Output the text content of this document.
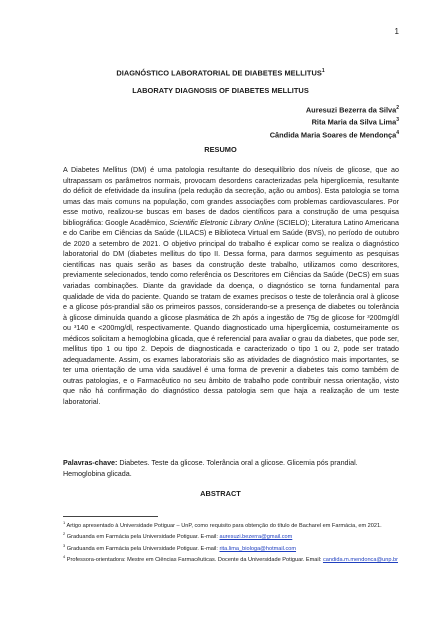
1
DIAGNÓSTICO LABORATORIAL DE DIABETES MELLITUS$^1$
LABORATY DIAGNOSIS OF DIABETES MELLITUS
Auresuzi Bezerra da Silva$^2$
Rita Maria da Silva Lima$^3$
Cândida Maria Soares de Mendonça$^4$
RESUMO

A Diabetes Mellitus (DM) é uma patologia resultante do desequilíbrio dos níveis de glicose, que ao ultrapassam os parâmetros normais, provocam desordens caracterizadas pela hiperglicemia, resultante do déficit de efetividade da insulina (pela redução da secreção, ação ou ambos). Esta patologia se torna umas das mais comuns na população, com grandes associações com problemas cardiovasculares. Por esse motivo, realizou-se buscas em bases de dados científicos para a construção de uma pesquisa bibliográfica: Google Acadêmico, Scientific Eletronic Library Online (SCIELO); Literatura Latino Americana e do Caribe em Ciências da Saúde (LILACS) e Biblioteca Virtual em Saúde (BVS), no período de outubro de 2020 a setembro de 2021. O objetivo principal do trabalho é explicar como se realiza o diagnóstico laboratorial do DM (diabetes mellitus do tipo II. Dessa forma, para darmos seguimento as pesquisas científicas nas quais serão as bases da construção deste trabalho, utilizamos como descritores, previamente selecionados, tendo como referência os Descritores em Ciências da Saúde (DeCS) em suas variadas combinações. Diante da gravidade da doença, o diagnóstico se torna fundamental para qualidade de vida do paciente. Quando se tratam de exames precisos o teste de tolerância oral à glicose e a glicose pós-prandial são os primeiros passos, considerando-se a presença de diabetes ou tolerância à glicose diminuída quando a glicose plasmática de 2h após a ingestão de 75g de glicose for ³200mg/dl ou ³140 e <200mg/dl, respectivamente. Quando diagnosticado uma hiperglicemia, costumeiramente os médicos solicitam a hemoglobina glicada, que é referencial para avaliar o grau da diabetes, que pode ser, mellitus tipo 1 ou tipo 2. Depois de diagnosticada e caracterizado o tipo 1 ou 2, pode ser tratado adequadamente. Assim, os exames laboratoriais são as atividades de diagnóstico mais importantes, se ter uma orientação de uma vida saudável é uma forma de prevenir a diabetes tais como também de outras patologias, e o Farmacêutico no seu âmbito de trabalho pode contribuir nessa orientação, visto que não há confirmação do diagnóstico dessa patologia sem que haja a realização de um teste laboratorial.

Palavras-chave: Diabetes. Teste da glicose. Tolerância oral a glicose. Glicemia pós prandial. Hemoglobina glicada.

ABSTRACT

$^1$ Artigo apresentado à Universidade Potiguar – UnP, como requisito para obtenção do título de Bacharel em Farmácia, em 2021.

$^2$ Graduanda em Farmácia pela Universidade Potiguar. E-mail: auresuzi.bezerra@gmail.com

$^3$ Graduanda em Farmácia pela Universidade Potiguar. E-mail: rita.lima_biologa@hotmail.com

$^4$ Professora-orientadora: Mestre em Ciências Farmacêuticas. Docente da Universidade Potiguar. Email: candida.m.mendonca@unp.br
